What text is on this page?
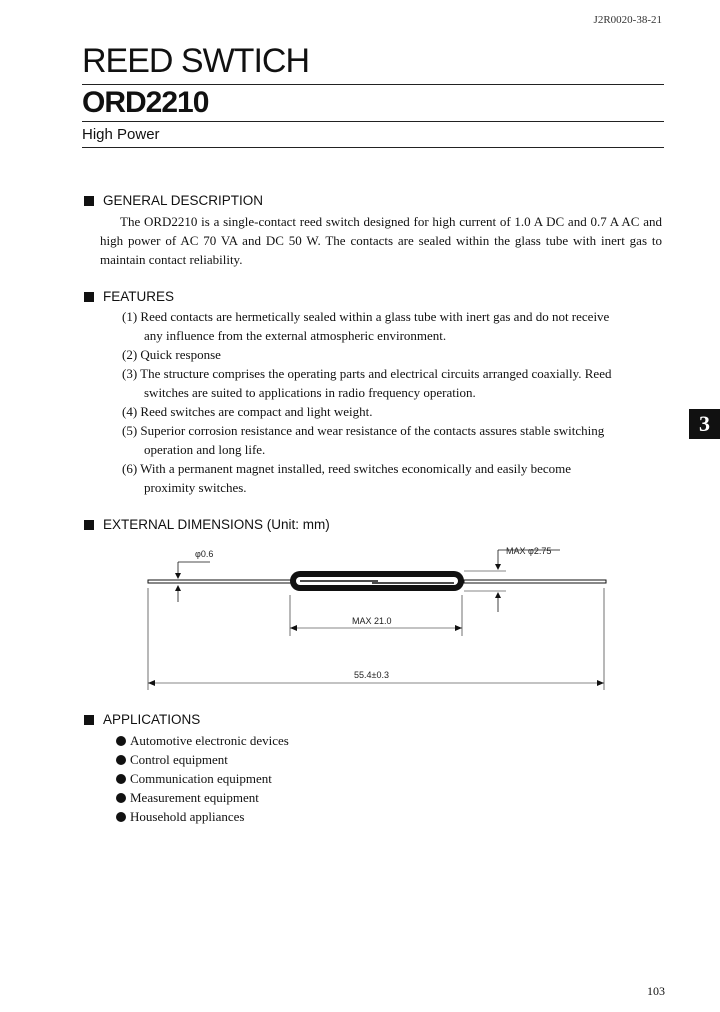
J2R0020-38-21
REED SWTICH
ORD2210
High Power
GENERAL DESCRIPTION
The ORD2210 is a single-contact reed switch designed for high current of 1.0 A DC and 0.7 A AC and high power of AC 70 VA and DC 50 W. The contacts are sealed within the glass tube with inert gas to maintain contact reliability.
FEATURES
(1) Reed contacts are hermetically sealed within a glass tube with inert gas and do not receive
any influence from the external atmospheric environment.
(2) Quick response
(3) The structure comprises the operating parts and electrical circuits arranged coaxially. Reed
switches are suited to applications in radio frequency operation.
(4) Reed switches are compact and light weight.
(5) Superior corrosion resistance and wear resistance of the contacts assures stable switching
operation and long life.
(6) With a permanent magnet installed, reed switches economically and easily become
proximity switches.
EXTERNAL DIMENSIONS (Unit: mm)
φ0.6	MAX φ2.75
MAX 21.0
55.4±0.3
APPLICATIONS
Automotive electronic devices
Control equipment
Communication equipment
Measurement equipment
Household appliances
3
103
